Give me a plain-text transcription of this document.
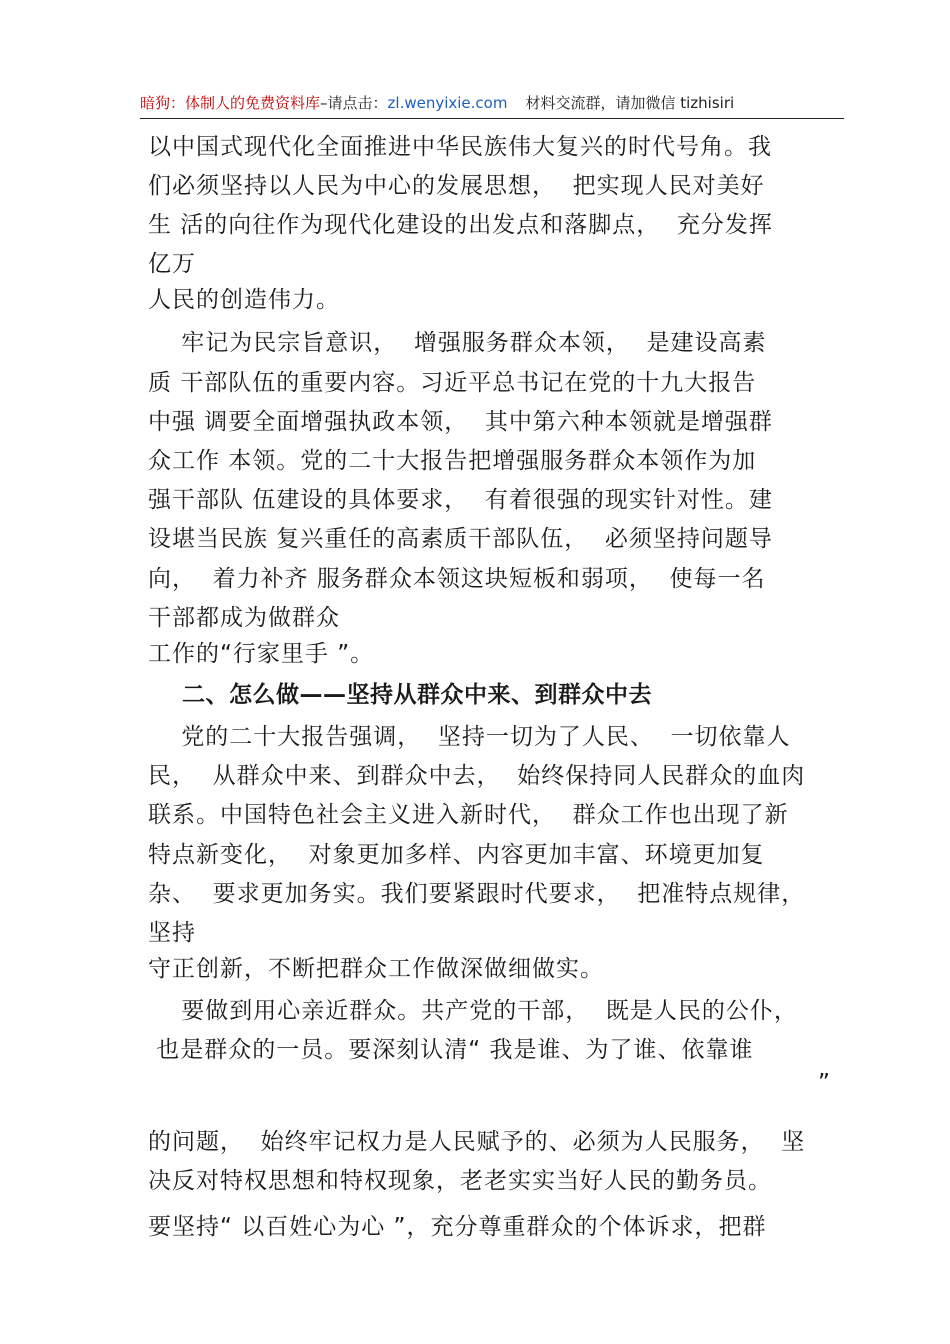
暗狗：体制人的免费资料库–请点击：zl.wenyixie.com 材料交流群，请加微信 tizhisiri
以中国式现代化全面推进中华民族伟大复兴的时代号角。我
们必须坚持以人民为中心的发展思想，  把实现人民对美好
生 活的向往作为现代化建设的出发点和落脚点，  充分发挥
亿万
人民的创造伟力。
牢记为民宗旨意识，  增强服务群众本领，  是建设高素
质 干部队伍的重要内容。习近平总书记在党的十九大报告
中强 调要全面增强执政本领，  其中第六种本领就是增强群
众工作 本领。党的二十大报告把增强服务群众本领作为加
强干部队 伍建设的具体要求，  有着很强的现实针对性。建
设堪当民族 复兴重任的高素质干部队伍，  必须坚持问题导
向，  着力补齐 服务群众本领这块短板和弱项，  使每一名
干部都成为做群众
工作的“行家里手 ”。
二、怎么做——坚持从群众中来、到群众中去
党的二十大报告强调，  坚持一切为了人民、  一切依靠人
民，  从群众中来、到群众中去，  始终保持同人民群众的血肉
联系。中国特色社会主义进入新时代，  群众工作也出现了新
特点新变化，  对象更加多样、内容更加丰富、环境更加复
杂、  要求更加务实。我们要紧跟时代要求，  把准特点规律，
坚持
守正创新，不断把群众工作做深做细做实。
要做到用心亲近群众。共产党的干部，  既是人民的公仆，
也是群众的一员。要深刻认清“ 我是谁、为了谁、依靠谁
”
的问题，  始终牢记权力是人民赋予的、必须为人民服务，  坚
决反对特权思想和特权现象，老老实实当好人民的勤务员。
要坚持“ 以百姓心为心 ”，充分尊重群众的个体诉求，把群
